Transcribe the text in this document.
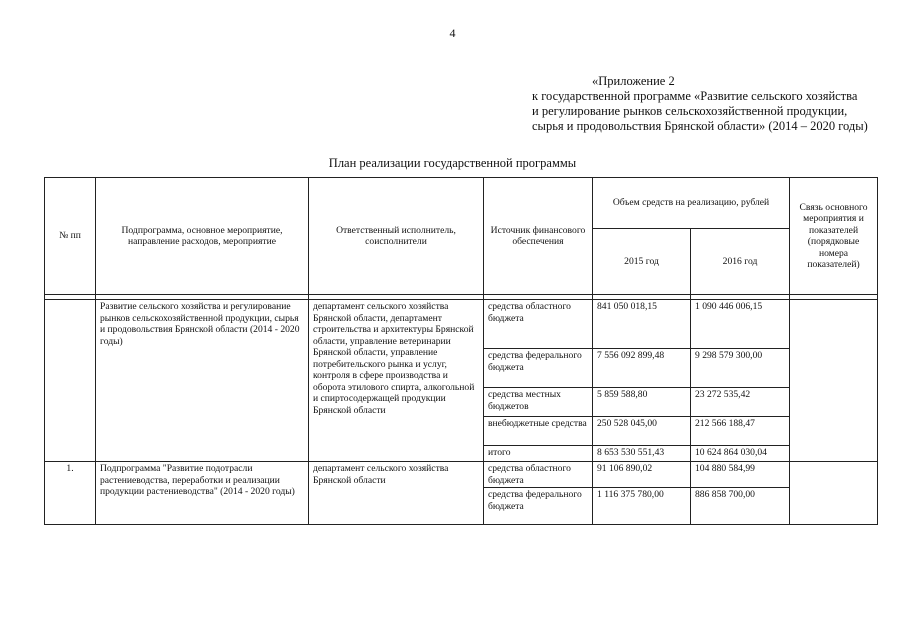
4
«Приложение 2
к государственной программе «Развитие сельского хозяйства
и регулирование рынков сельскохозяйственной продукции,
сырья и продовольствия Брянской области» (2014 – 2020 годы)
План реализации государственной программы
№ пп	Подпрограмма, основное мероприятие, направление расходов, мероприятие	Ответственный исполнитель, соисполнители	Источник финансового обеспечения	Объем средств на реализацию, рублей		Связь основного мероприятия и показателей (порядковые номера показателей)
				2015 год	2016 год	

	Развитие сельского хозяйства и регулирование рынков сельскохозяйственной продукции, сырья и продовольствия Брянской области (2014 - 2020 годы)	департамент сельского хозяйства Брянской области, департамент строительства и архитектуры Брянской области, управление ветеринарии Брянской области, управление потребительского рынка и услуг, контроля в сфере производства и оборота этилового спирта, алкогольной и спиртосодержащей продукции Брянской области	средства областного бюджета	841 050 018,15	1 090 446 006,15	
			средства федерального бюджета	7 556 092 899,48	9 298 579 300,00	
			средства местных бюджетов	5 859 588,80	23 272 535,42	
			внебюджетные средства	250 528 045,00	212 566 188,47	
			итого	8 653 530 551,43	10 624 864 030,04	
1.	Подпрограмма "Развитие подотрасли растениеводства, переработки и реализации продукции растениеводства" (2014 - 2020 годы)	департамент сельского хозяйства Брянской области	средства областного бюджета	91 106 890,02	104 880 584,99	
			средства федерального бюджета	1 116 375 780,00	886 858 700,00	
